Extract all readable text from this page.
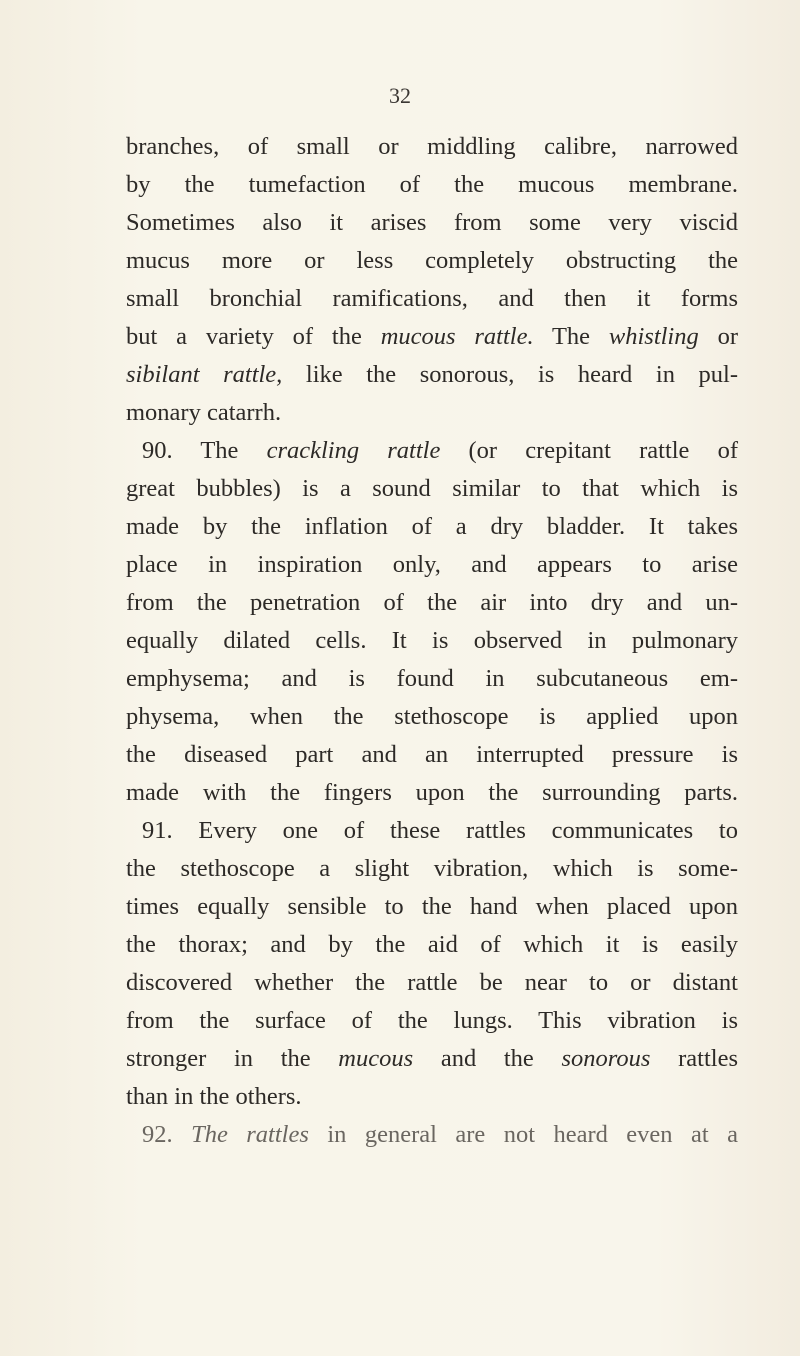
32
branches, of small or middling calibre, narrowed
by the tumefaction of the mucous membrane.
Sometimes also it arises from some very viscid
mucus more or less completely obstructing the
small bronchial ramifications, and then it forms
but a variety of the mucous rattle. The whistling or
sibilant rattle, like the sonorous, is heard in pul-
monary catarrh.
90. The crackling rattle (or crepitant rattle of
great bubbles) is a sound similar to that which is
made by the inflation of a dry bladder. It takes
place in inspiration only, and appears to arise
from the penetration of the air into dry and un-
equally dilated cells. It is observed in pulmonary
emphysema; and is found in subcutaneous em-
physema, when the stethoscope is applied upon
the diseased part and an interrupted pressure is
made with the fingers upon the surrounding parts.
91. Every one of these rattles communicates to
the stethoscope a slight vibration, which is some-
times equally sensible to the hand when placed upon
the thorax; and by the aid of which it is easily
discovered whether the rattle be near to or distant
from the surface of the lungs. This vibration is
stronger in the mucous and the sonorous rattles
than in the others.
92. The rattles in general are not heard even at a
